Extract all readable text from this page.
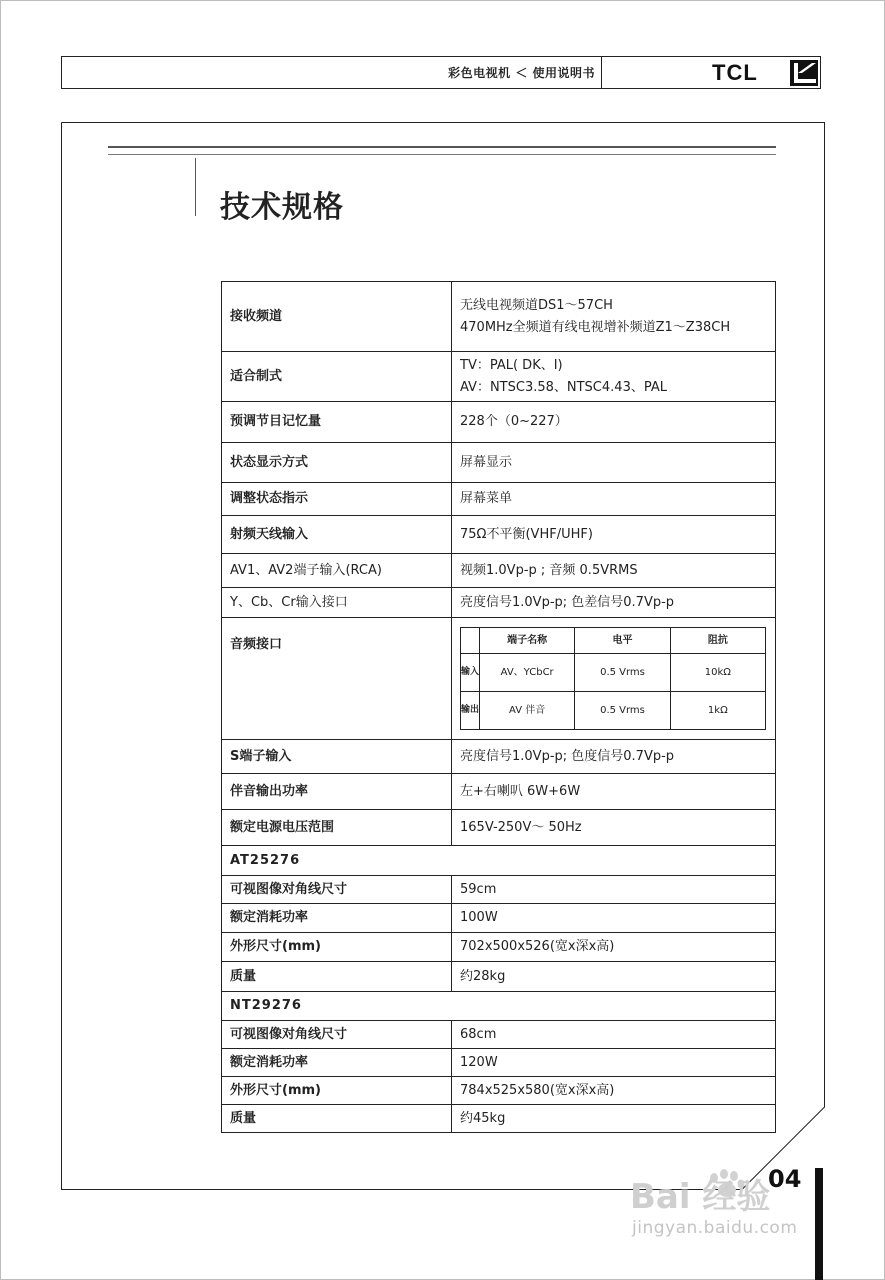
彩色电视机 ＜ 使用说明书	TCL
技术规格
接收频道	
无线电视频道DS1～57CH
470MHz全频道有线电视增补频道Z1～Z38CH

适合制式	
TV：PAL( DK、I)
AV：NTSC3.58、NTSC4.43、PAL

预调节目记忆量	228个（0~227）
状态显示方式	屏幕显示
调整状态指示	屏幕菜单
射频天线输入	75Ω不平衡(VHF/UHF)
AV1、AV2端子输入(RCA)	视频1.0Vp-p ; 音频 0.5VRMS
Y、Cb、Cr输入接口	亮度信号1.0Vp-p; 色差信号0.7Vp-p
音频接口	
		端子名称	电平	阻抗
输入	AV、YCbCr	0.5 Vrms	10kΩ
输出	AV 伴音	0.5 Vrms	1kΩ

S端子输入	亮度信号1.0Vp-p; 色度信号0.7Vp-p
伴音输出功率	左+右喇叭 6W+6W
额定电源电压范围	165V-250V～ 50Hz
AT25276
可视图像对角线尺寸	59cm
额定消耗功率	100W
外形尺寸(mm)	702x500x526(宽x深x高)
质量	约28kg
NT29276
可视图像对角线尺寸	68cm
额定消耗功率	120W
外形尺寸(mm)	784x525x580(宽x深x高)
质量	约45kg
04
Bai 经验
jingyan.baidu.com
